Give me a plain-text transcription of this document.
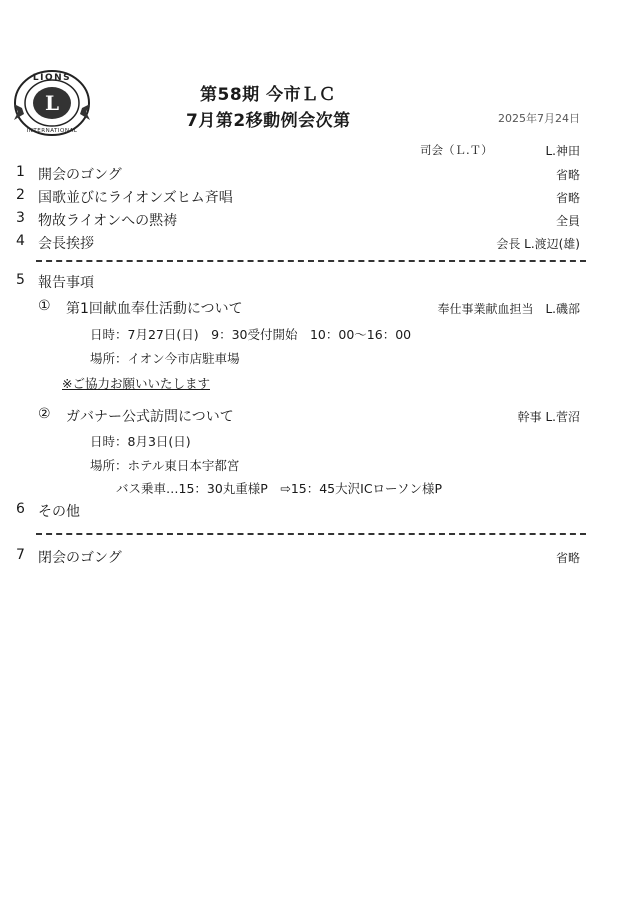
L
LIONS
INTERNATIONAL
第58期 今市ＬＣ
7月第2移動例会次第	2025年7月24日
司会（Ｌ.Ｔ）	L.神田
1 開会のゴング	省略
2 国歌並びにライオンズヒム斉唱	省略
3 物故ライオンへの黙祷	全員
4 会長挨拶	会長 L.渡辺(雄)
5 報告事項
① 第1回献血奉仕活動について	奉仕事業献血担当　L.磯部
日時：7月27日(日)　9：30受付開始　10：00～16：00
場所：イオン今市店駐車場
※ご協力お願いいたします
② ガバナー公式訪問について	幹事 L.菅沼
日時：8月3日(日)
場所：ホテル東日本宇都宮
バス乗車…15：30丸重様P　⇨15：45大沢ICローソン様P
6 その他
7 閉会のゴング	省略
